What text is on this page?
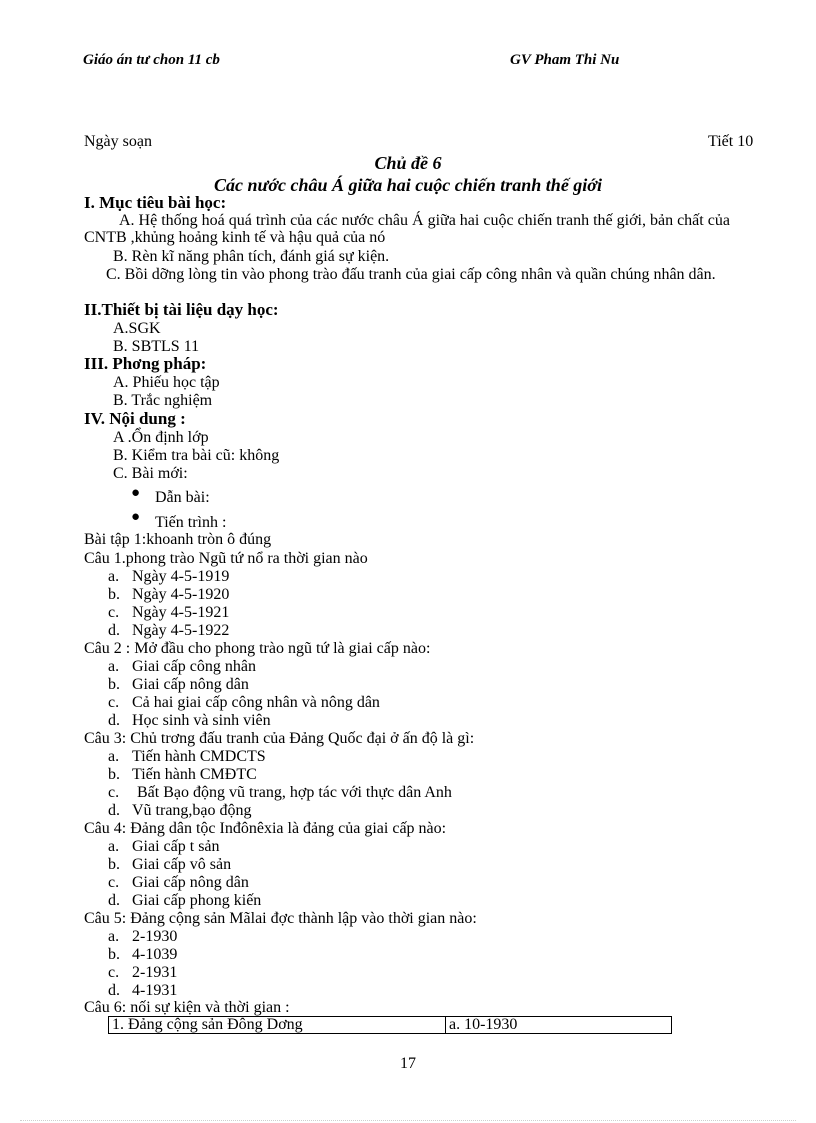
Giáo án tư chon 11 cb	GV Pham Thi Nu
Ngày soạn	Tiết 10
Chủ đề 6
Các nước châu Á giữa hai cuộc chiến tranh thế giới
I. Mục tiêu bài học:
A. Hệ thống hoá quá trình của các nước châu Á giữa hai cuộc chiến tranh thế giới, bản chất của CNTB ,khủng hoảng kinh tế và hậu quả của nó
B. Rèn kĩ năng phân tích, đánh giá sự kiện.
C. Bồi dỡng lòng tin vào phong trào đấu tranh của giai cấp công nhân và quần chúng nhân dân.
II.Thiết bị tài liệu dạy học:
A.SGK
B. SBTLS 11
III. Phơng pháp:
A. Phiếu học tập
B. Trắc nghiệm
IV. Nội dung :
A .Ổn định lớp
B. Kiểm tra bài cũ: không
C. Bài mới:
● Dẫn bài:
● Tiến trình :
Bài tập 1:khoanh tròn ô đúng
Câu 1.phong trào Ngũ tứ nổ ra thời gian nào
a. Ngày 4-5-1919
b. Ngày 4-5-1920
c. Ngày 4-5-1921
d. Ngày 4-5-1922
Câu 2 : Mở đầu cho phong trào ngũ tứ là giai cấp nào:
a. Giai cấp công nhân
b. Giai cấp nông dân
c. Cả hai giai cấp công nhân và nông dân
d. Học sinh và sinh viên
Câu 3: Chủ trơng đấu tranh của Đảng Quốc đại ở ấn độ là gì:
a. Tiến hành CMDCTS
b. Tiến hành CMĐTC
c. Bất Bạo động vũ trang, hợp tác với thực dân Anh
d. Vũ trang,bạo động
Câu 4: Đảng dân tộc Inđônêxia là đảng của giai cấp nào:
a. Giai cấp t sản
b. Giai cấp vô sản
c. Giai cấp nông dân
d. Giai cấp phong kiến
Câu 5: Đảng cộng sản Mãlai đợc thành lập vào thời gian nào:
a. 2-1930
b. 4-1039
c. 2-1931
d. 4-1931
Câu 6: nối sự kiện và thời gian :
1. Đảng cộng sản Đông Dơng	a. 10-1930
17
